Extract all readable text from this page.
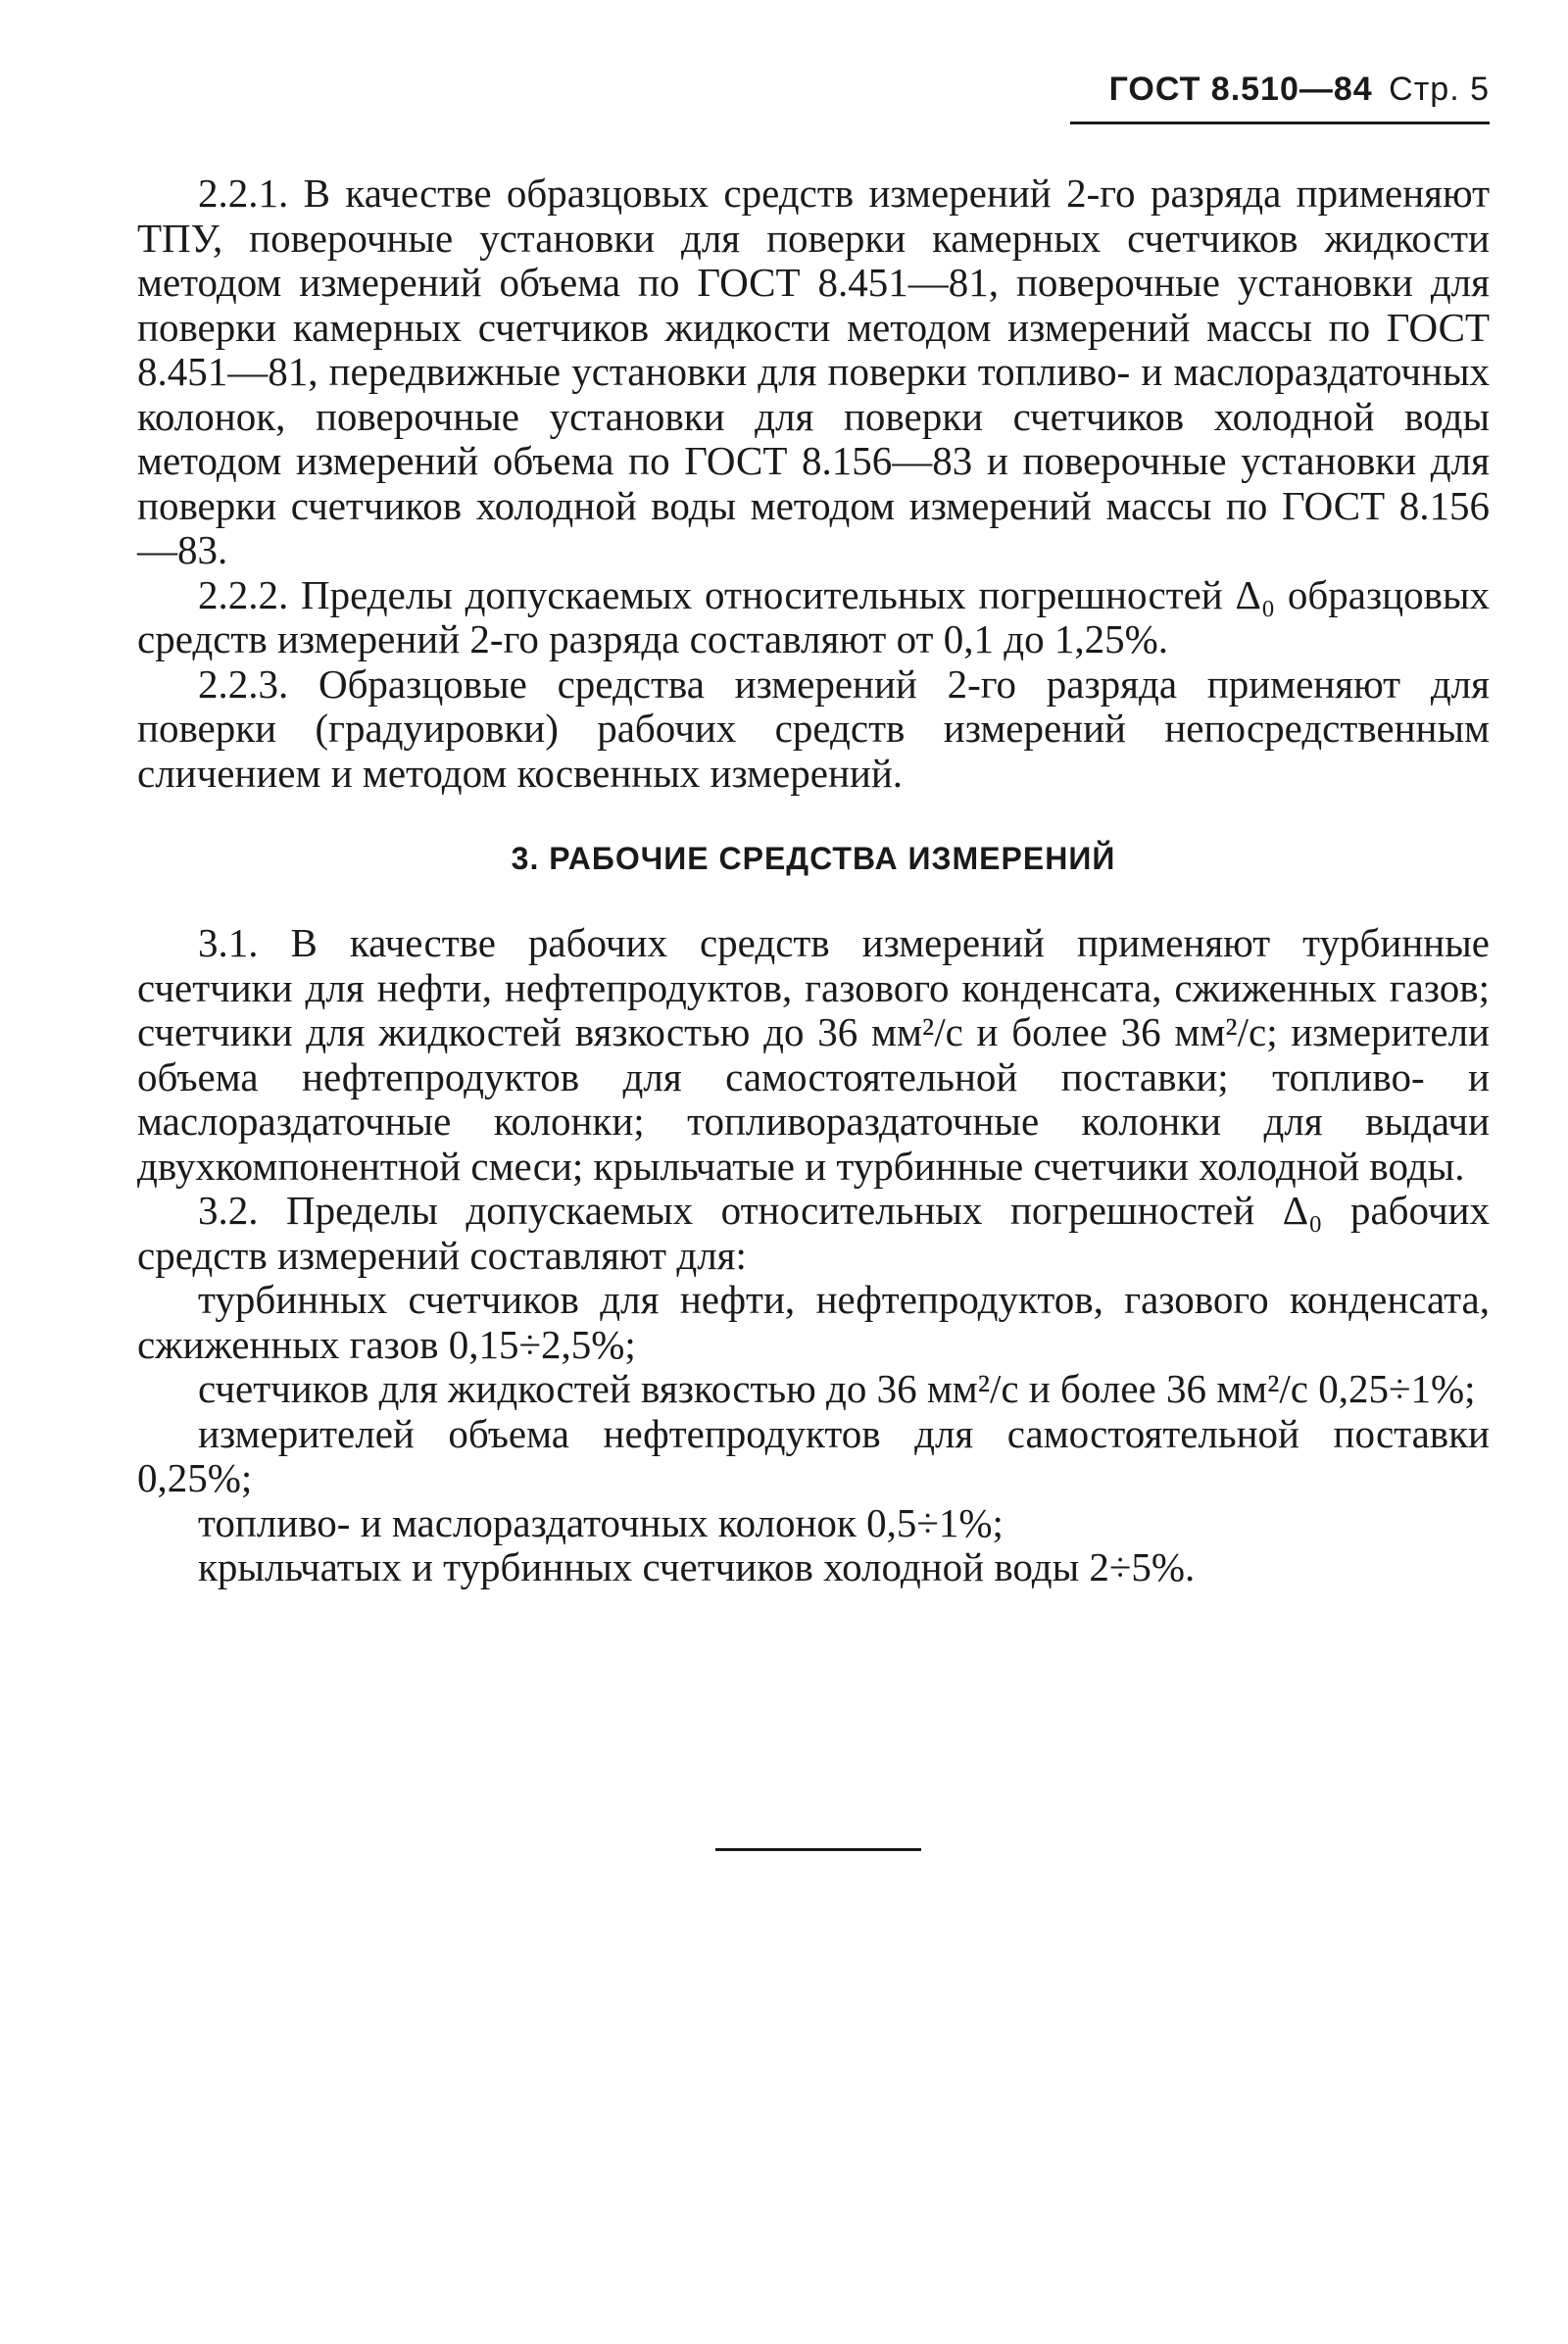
ГОСТ 8.510—84 Стр. 5

2.2.1. В качестве образцовых средств измерений 2-го разряда применяют ТПУ, поверочные установки для поверки камерных счетчиков жидкости методом измерений объема по ГОСТ 8.451—81, поверочные установки для поверки камерных счетчиков жидкости методом измерений массы по ГОСТ 8.451—81, передвижные установки для поверки топливо- и маслораздаточных колонок, поверочные установки для поверки счетчиков холодной воды методом измерений объема по ГОСТ 8.156—83 и поверочные установки для поверки счетчиков холодной воды методом измерений массы по ГОСТ 8.156—83.

2.2.2. Пределы допускаемых относительных погрешностей Δ₀ образцовых средств измерений 2-го разряда составляют от 0,1 до 1,25%.

2.2.3. Образцовые средства измерений 2-го разряда применяют для поверки (градуировки) рабочих средств измерений непосредственным сличением и методом косвенных измерений.

3. РАБОЧИЕ СРЕДСТВА ИЗМЕРЕНИЙ

3.1. В качестве рабочих средств измерений применяют турбинные счетчики для нефти, нефтепродуктов, газового конденсата, сжиженных газов; счетчики для жидкостей вязкостью до 36 мм²/с и более 36 мм²/с; измерители объема нефтепродуктов для самостоятельной поставки; топливо- и маслораздаточные колонки; топливораздаточные колонки для выдачи двухкомпонентной смеси; крыльчатые и турбинные счетчики холодной воды.

3.2. Пределы допускаемых относительных погрешностей Δ₀ рабочих средств измерений составляют для:

турбинных счетчиков для нефти, нефтепродуктов, газового конденсата, сжиженных газов 0,15÷2,5%;

счетчиков для жидкостей вязкостью до 36 мм²/с и более 36 мм²/с 0,25÷1%;

измерителей объема нефтепродуктов для самостоятельной поставки 0,25%;

топливо- и маслораздаточных колонок 0,5÷1%;

крыльчатых и турбинных счетчиков холодной воды 2÷5%.
